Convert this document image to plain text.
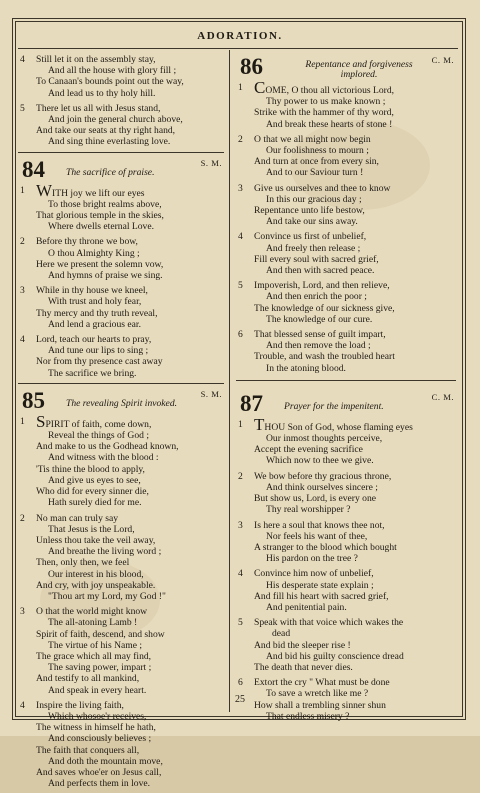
ADORATION.
4	Still let it on the assembly stay,
And all the house with glory fill ;
To Canaan's bounds point out the way,
And lead us to thy holy hill.
5	There let us all with Jesus stand,
And join the general church above,
And take our seats at thy right hand,
And sing thine everlasting love.
84 The sacrifice of praise.
S. M.
1 WITH joy we lift our eyes
To those bright realms above,
That glorious temple in the skies,
Where dwells eternal Love.
2	Before thy throne we bow,
O thou Almighty King ;
Here we present the solemn vow,
And hymns of praise we sing.
3	While in thy house we kneel,
With trust and holy fear,
Thy mercy and thy truth reveal,
And lend a gracious ear.
4	Lord, teach our hearts to pray,
And tune our lips to sing ;
Nor from thy presence cast away
The sacrifice we bring.
85 The revealing Spirit invoked.
S. M.
1 SPIRIT of faith, come down,
Reveal the things of God ;
And make to us the Godhead known,
And witness with the blood :
'Tis thine the blood to apply,
And give us eyes to see,
Who did for every sinner die,
Hath surely died for me.
2	No man can truly say
That Jesus is the Lord,
Unless thou take the veil away,
And breathe the living word ;
Then, only then, we feel
Our interest in his blood,
And cry, with joy unspeakable.
"Thou art my Lord, my God !"
3	O that the world might know
The all-atoning Lamb !
Spirit of faith, descend, and show
The virtue of his Name ;
The grace which all may find,
The saving power, impart ;
And testify to all mankind,
And speak in every heart.
4	Inspire the living faith,
Which whosoe'r receives,
The witness in himself he hath,
And consciously believes ;
The faith that conquers all,
And doth the mountain move,
And saves whoe'er on Jesus call,
And perfects them in love.
86	Repentance and forgiveness
implored.
C. M.
1 COME, O thou all victorious Lord,
Thy power to us make known ;
Strike with the hammer of thy word,
And break these hearts of stone !
2	O that we all might now begin
Our foolishness to mourn ;
And turn at once from every sin,
And to our Saviour turn !
3	Give us ourselves and thee to know
In this our gracious day ;
Repentance unto life bestow,
And take our sins away.
4	Convince us first of unbelief,
And freely then release ;
Fill every soul with sacred grief,
And then with sacred peace.
5	Impoverish, Lord, and then relieve,
And then enrich the poor ;
The knowledge of our sickness give,
The knowledge of our cure.
6	That blessed sense of guilt impart,
And then remove the load ;
Trouble, and wash the troubled heart
In the atoning blood.
87 Prayer for the impenitent.
C. M.
1 THOU Son of God, whose flaming eyes
Our inmost thoughts perceive,
Accept the evening sacrifice
Which now to thee we give.
2	We bow before thy gracious throne,
And think ourselves sincere ;
But show us, Lord, is every one
Thy real worshipper ?
3	Is here a soul that knows thee not,
Nor feels his want of thee,
A stranger to the blood which bought
His pardon on the tree ?
4	Convince him now of unbelief,
His desperate state explain ;
And fill his heart with sacred grief,
And penitential pain.
5	Speak with that voice which wakes the
dead
And bid the sleeper rise !
And bid his guilty conscience dread
The death that never dies.
6	Extort the cry " What must be done
To save a wretch like me ?
How shall a trembling sinner shun
That endless misery ?
25
